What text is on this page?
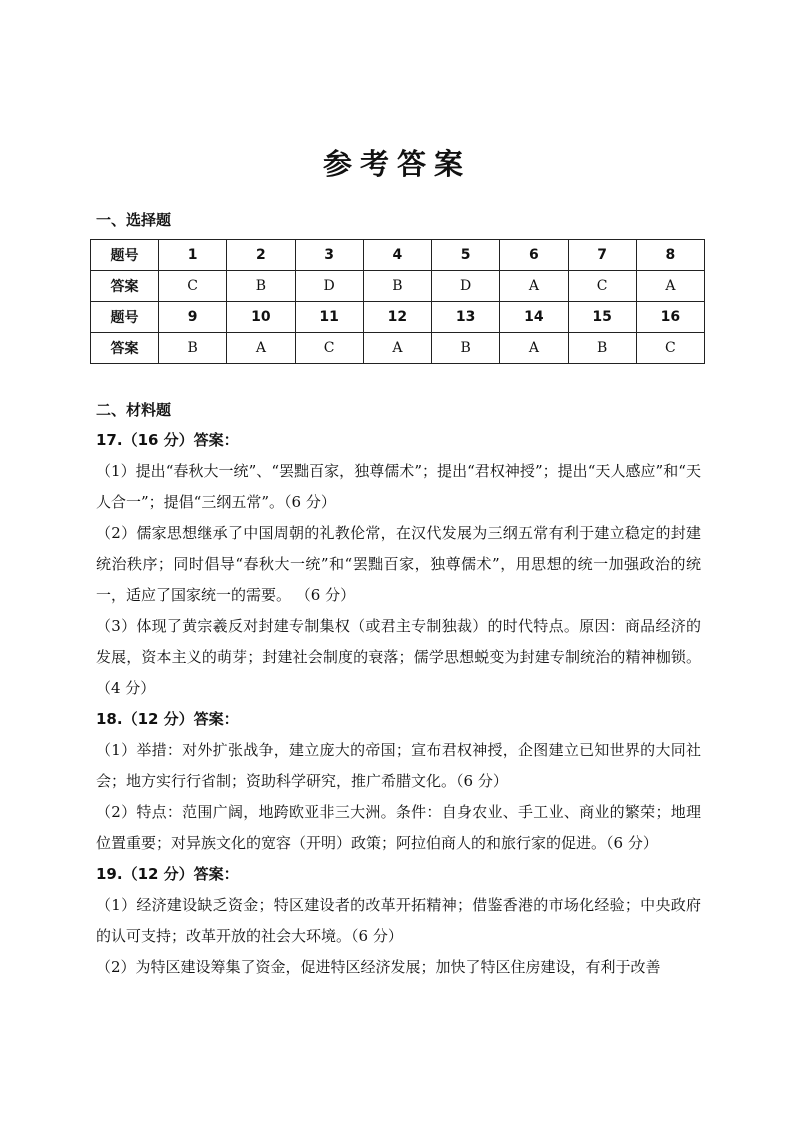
参考答案
一、选择题
题号	1	2	3	4	5	6	7	8
答案	C	B	D	B	D	A	C	A
题号	9	10	11	12	13	14	15	16
答案	B	A	C	A	B	A	B	C
二、材料题
17.（16 分）答案：

（1）提出“春秋大一统”、“罢黜百家，独尊儒术”；提出“君权神授”；提出“天人感应”和“天人合一”；提倡“三纲五常”。（6 分）

（2）儒家思想继承了中国周朝的礼教伦常，在汉代发展为三纲五常有利于建立稳定的封建统治秩序；同时倡导“春秋大一统”和“罢黜百家，独尊儒术”，用思想的统一加强政治的统一，适应了国家统一的需要。 （6 分）

（3）体现了黄宗羲反对封建专制集权（或君主专制独裁）的时代特点。原因：商品经济的发展，资本主义的萌芽；封建社会制度的衰落；儒学思想蜕变为封建专制统治的精神枷锁。（4 分）

18.（12 分）答案：

（1）举措：对外扩张战争，建立庞大的帝国；宣布君权神授，企图建立已知世界的大同社会；地方实行行省制；资助科学研究，推广希腊文化。（6 分）

（2）特点：范围广阔，地跨欧亚非三大洲。条件：自身农业、手工业、商业的繁荣；地理位置重要；对异族文化的宽容（开明）政策；阿拉伯商人的和旅行家的促进。（6 分）

19.（12 分）答案：

（1）经济建设缺乏资金；特区建设者的改革开拓精神；借鉴香港的市场化经验；中央政府的认可支持；改革开放的社会大环境。（6 分）

（2）为特区建设筹集了资金，促进特区经济发展；加快了特区住房建设，有利于改善
